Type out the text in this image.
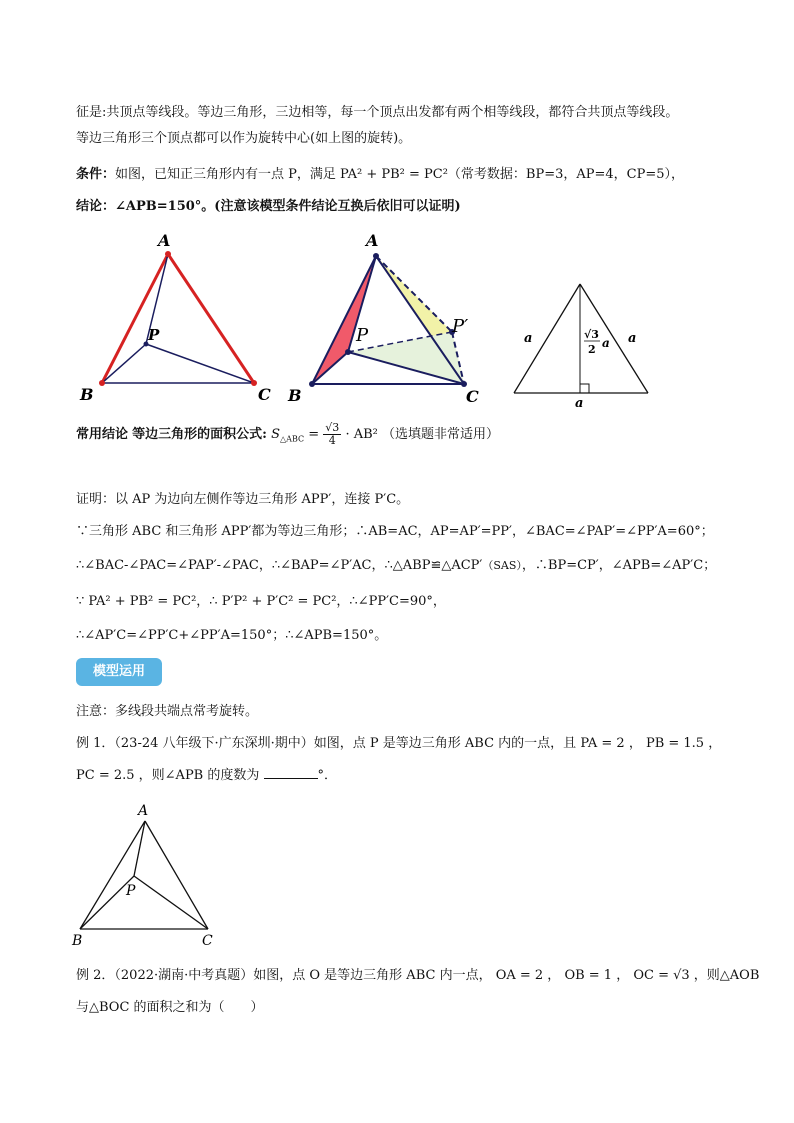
征是:共顶点等线段。等边三角形，三边相等，每一个顶点出发都有两个相等线段，都符合共顶点等线段。
等边三角形三个顶点都可以作为旋转中心(如上图的旋转)。
条件：如图，已知正三角形内有一点 P，满足 PA² + PB² = PC²（常考数据：BP=3，AP=4，CP=5），
结论：∠APB=150°。(注意该模型条件结论互换后依旧可以证明)
A
B	C
P
A
B	C
P	P′
a	a
a
√3
2 a
常用结论 等边三角形的面积公式: $S_{\triangle ABC} = \frac{√3}{4} \cdot AB^2$ （选填题非常适用）
证明：以 AP 为边向左侧作等边三角形 APP′，连接 P′C。
∵三角形 ABC 和三角形 APP′都为等边三角形；∴AB=AC，AP=AP′=PP′，∠BAC=∠PAP′=∠PP′A=60°；
∴∠BAC-∠PAC=∠PAP′-∠PAC，∴∠BAP=∠P′AC，∴△ABP≌△ACP′（SAS），∴BP=CP′，∠APB=∠AP′C；
∵ PA² + PB² = PC²，∴ P′P² + P′C² = PC²，∴∠PP′C=90°，
∴∠AP′C=∠PP′C+∠PP′A=150°；∴∠APB=150°。
模型运用
注意：多线段共端点常考旋转。
例 1．（23-24 八年级下·广东深圳·期中）如图，点 P 是等边三角形 ABC 内的一点，且 PA = 2 ， PB = 1.5 ，
PC = 2.5 ，则∠APB 的度数为	°．
A
B	C
P
例 2．（2022·湖南·中考真题）如图，点 O 是等边三角形 ABC 内一点， OA = 2 ， OB = 1 ， OC = √3 ，则△AOB
与△BOC 的面积之和为（　　）
